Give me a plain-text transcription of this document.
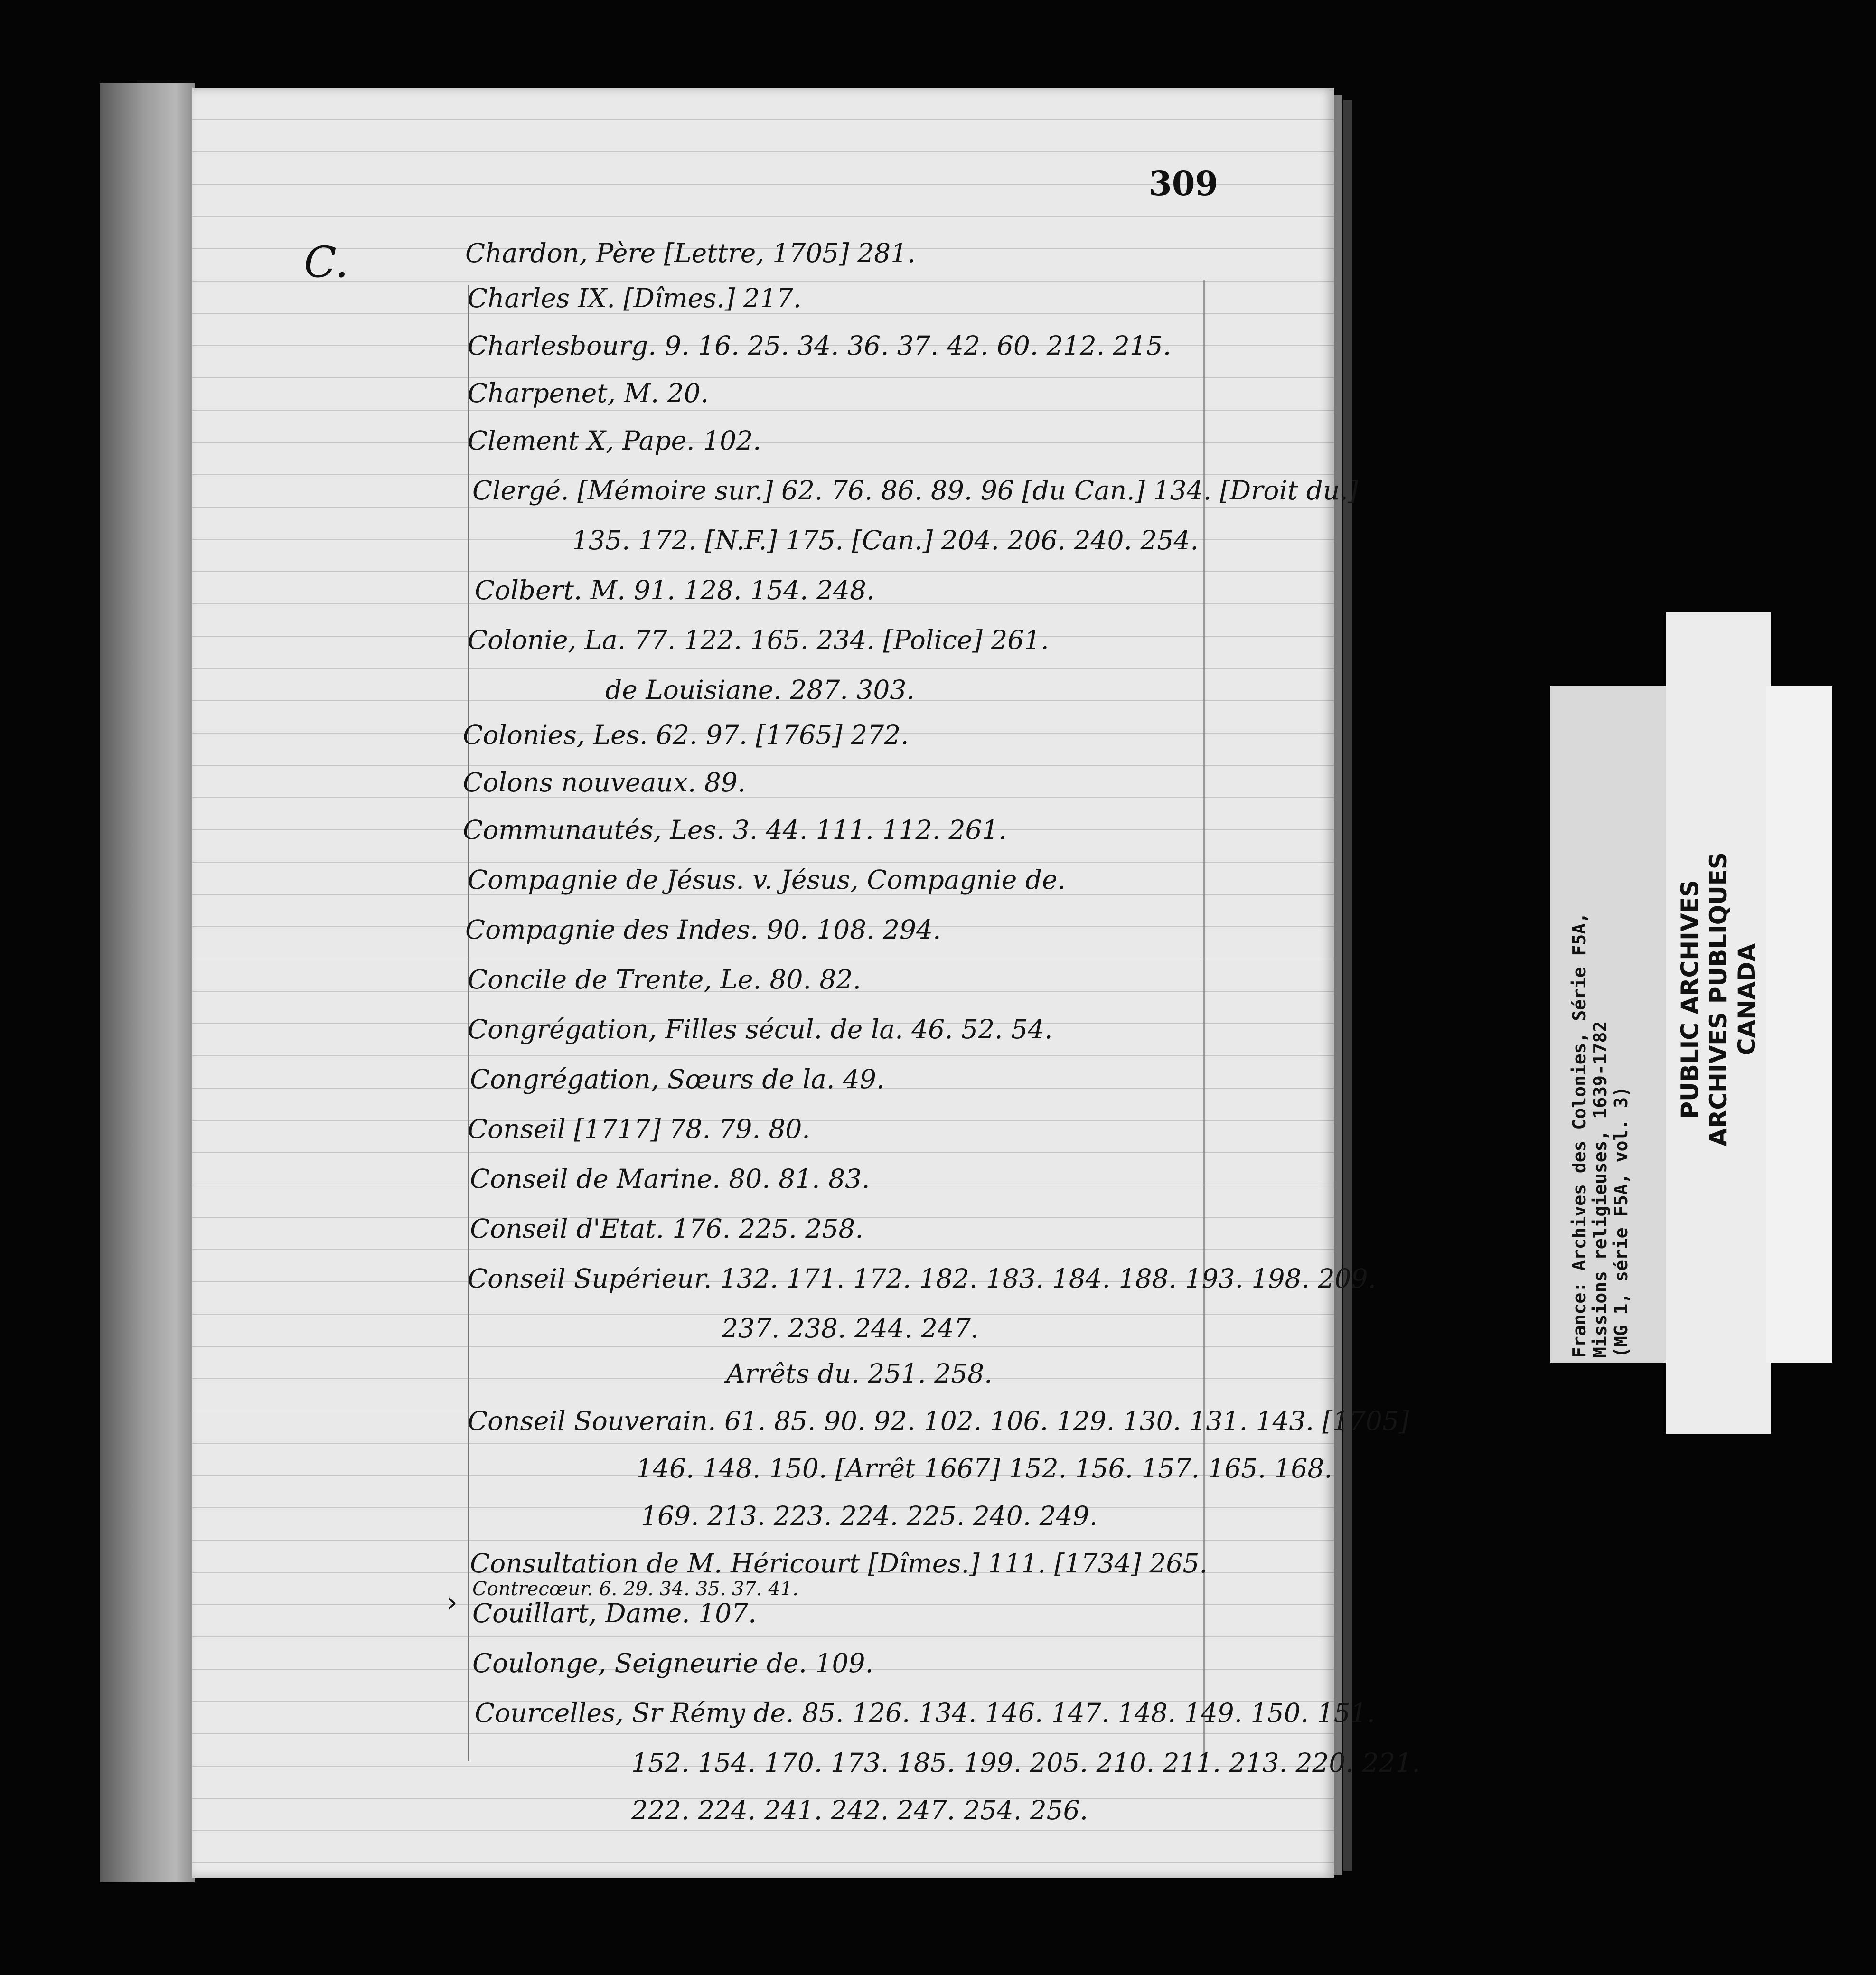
309
C.	Chardon, Père [Lettre, 1705] 281.
Charles IX. [Dîmes.] 217.
Charlesbourg. 9. 16. 25. 34. 36. 37. 42. 60. 212. 215.
Charpenet, M. 20.
Clement X, Pape. 102.
Clergé. [Mémoire sur.] 62. 76. 86. 89. 96 [du Can.] 134. [Droit du.]
135. 172. [N.F.] 175. [Can.] 204. 206. 240. 254.
Colbert. M. 91. 128. 154. 248.
Colonie, La. 77. 122. 165. 234. [Police] 261.
de Louisiane. 287. 303.
Colonies, Les. 62. 97. [1765] 272.
Colons nouveaux. 89.
Communautés, Les. 3. 44. 111. 112. 261.
Compagnie de Jésus. v. Jésus, Compagnie de.
Compagnie des Indes. 90. 108. 294.
Concile de Trente, Le. 80. 82.
Congrégation, Filles sécul. de la. 46. 52. 54.
Congrégation, Sœurs de la. 49.
Conseil [1717] 78. 79. 80.
Conseil de Marine. 80. 81. 83.
Conseil d'Etat. 176. 225. 258.
Conseil Supérieur. 132. 171. 172. 182. 183. 184. 188. 193. 198. 209.
237. 238. 244. 247.
Arrêts du. 251. 258.
Conseil Souverain. 61. 85. 90. 92. 102. 106. 129. 130. 131. 143. [1705]
146. 148. 150. [Arrêt 1667] 152. 156. 157. 165. 168.
169. 213. 223. 224. 225. 240. 249.
Consultation de M. Héricourt [Dîmes.] 111. [1734] 265.
Contrecœur. 6. 29. 34. 35. 37. 41.
Couillart, Dame. 107.
Coulonge, Seigneurie de. 109.
Courcelles, Sr Rémy de. 85. 126. 134. 146. 147. 148. 149. 150. 151.
152. 154. 170. 173. 185. 199. 205. 210. 211. 213. 220. 221.
222. 224. 241. 242. 247. 254. 256.
›
France: Archives des Colonies, Série F5A, Missions religieuses, 1639-1782 (MG 1, série F5A, vol. 3)
PUBLIC ARCHIVES ARCHIVES PUBLIQUES CANADA
